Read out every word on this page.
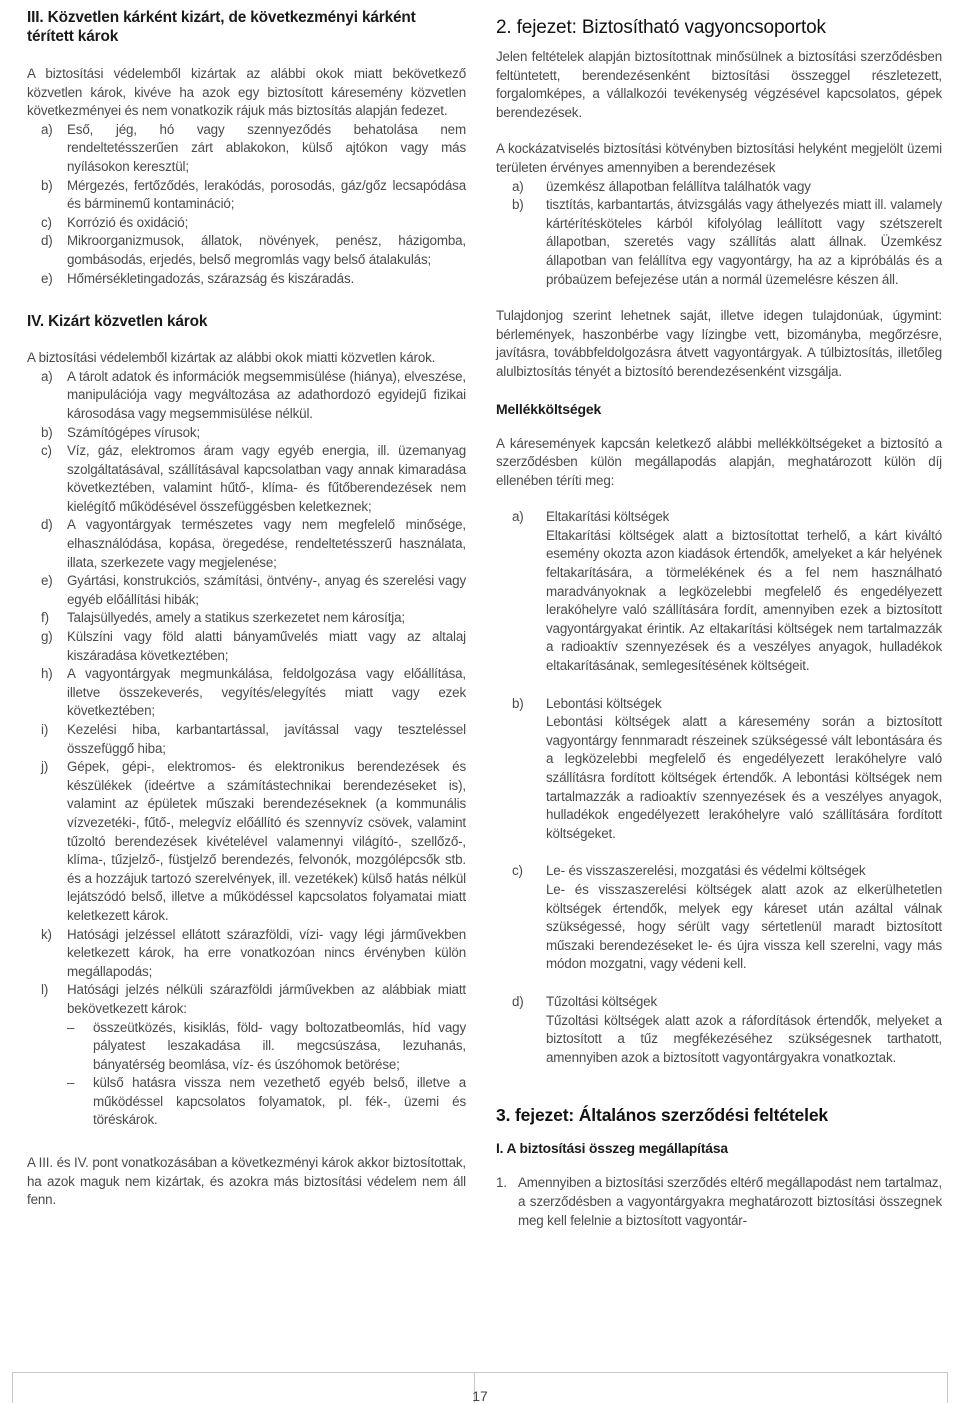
III. Közvetlen kárként kizárt, de következményi kárként térített károk

A biztosítási védelemből kizártak az alábbi okok miatt bekövetkező közvetlen károk, kivéve ha azok egy biztosított káresemény közvetlen következményei és nem vonatkozik rájuk más biztosítás alapján fedezet.

a)	Eső, jég, hó vagy szennyeződés behatolása nem rendeltetésszerűen zárt ablakokon, külső ajtókon vagy más nyílásokon keresztül;
b)	Mérgezés, fertőződés, lerakódás, porosodás, gáz/gőz lecsapódása és bárminemű kontamináció;
c)	Korrózió és oxidáció;
d)	Mikroorganizmusok, állatok, növények, penész, házigomba, gombásodás, erjedés, belső megromlás vagy belső átalakulás;
e)	Hőmérsékletingadozás, szárazság és kiszáradás.
IV. Kizárt közvetlen károk

A biztosítási védelemből kizártak az alábbi okok miatti közvetlen károk.

a)	A tárolt adatok és információk megsemmisülése (hiánya), elveszése, manipulációja vagy megváltozása az adathordozó egyidejű fizikai károsodása vagy megsemmisülése nélkül.
b)	Számítógépes vírusok;
c)	Víz, gáz, elektromos áram vagy egyéb energia, ill. üzemanyag szolgáltatásával, szállításával kapcsolatban vagy annak kimaradása következtében, valamint hűtő-, klíma- és fűtőberendezések nem kielégítő működésével összefüggésben keletkeznek;
d)	A vagyontárgyak természetes vagy nem megfelelő minősége, elhasználódása, kopása, öregedése, rendeltetésszerű használata, illata, szerkezete vagy megjelenése;
e)	Gyártási, konstrukciós, számítási, öntvény-, anyag és szerelési vagy egyéb előállítási hibák;
f)	Talajsüllyedés, amely a statikus szerkezetet nem károsítja;
g)	Külszíni vagy föld alatti bányaművelés miatt vagy az altalaj kiszáradása következtében;
h)	A vagyontárgyak megmunkálása, feldolgozása vagy előállítása, illetve összekeverés, vegyítés/elegyítés miatt vagy ezek következtében;
i)	Kezelési hiba, karbantartással, javítással vagy teszteléssel összefüggő hiba;
j)	Gépek, gépi-, elektromos- és elektronikus berendezések és készülékek (ideértve a számítástechnikai berendezéseket is), valamint az épületek műszaki berendezéseknek (a kommunális vízvezetéki-, fűtő-, melegvíz előállító és szennyvíz csövek, valamint tűzoltó berendezések kivételével valamennyi világító-, szellőző-, klíma-, tűzjelző-, füstjelző berendezés, felvonók, mozgólépcsők stb. és a hozzájuk tartozó szerelvények, ill. vezetékek) külső hatás nélkül lejátszódó belső, illetve a működéssel kapcsolatos folyamatai miatt keletkezett károk.
k)	Hatósági jelzéssel ellátott szárazföldi, vízi- vagy légi járművekben keletkezett károk, ha erre vonatkozóan nincs érvényben külön megállapodás;
l)	Hatósági jelzés nélküli szárazföldi járművekben az alábbiak miatt bekövetkezett károk:
–	összeütközés, kisiklás, föld- vagy boltozatbeomlás, híd vagy pályatest leszakadása ill. megcsúszása, lezuhanás, bányatérség beomlása, víz- és úszóhomok betörése;
–	külső hatásra vissza nem vezethető egyéb belső, illetve a működéssel kapcsolatos folyamatok, pl. fék-, üzemi és töréskárok.

A III. és IV. pont vonatkozásában a következményi károk akkor biztosítottak, ha azok maguk nem kizártak, és azokra más biztosítási védelem nem áll fenn.

2. fejezet: Biztosítható vagyoncsoportok

Jelen feltételek alapján biztosítottnak minősülnek a biztosítási szerződésben feltüntetett, berendezésenként biztosítási összeggel részletezett, forgalomképes, a vállalkozói tevékenység végzésével kapcsolatos, gépek berendezések.

A kockázatviselés biztosítási kötvényben biztosítási helyként megjelölt üzemi területen érvényes amennyiben a berendezések

a)	üzemkész állapotban felállítva találhatók vagy
b)	tisztítás, karbantartás, átvizsgálás vagy áthelyezés miatt ill. valamely kártérítésköteles kárból kifolyólag leállított vagy szétszerelt állapotban, szeretés vagy szállítás alatt állnak. Üzemkész állapotban van felállítva egy vagyontárgy, ha az a kipróbálás és a próbaüzem befejezése után a normál üzemelésre készen áll.

Tulajdonjog szerint lehetnek saját, illetve idegen tulajdonúak, úgymint: bérlemények, haszonbérbe vagy lízingbe vett, bizományba, megőrzésre, javításra, továbbfeldolgozásra átvett vagyontárgyak. A túlbiztosítás, illetőleg alulbiztosítás tényét a biztosító berendezésenként vizsgálja.

Mellékköltségek

A káresemények kapcsán keletkező alábbi mellékköltségeket a biztosító a szerződésben külön megállapodás alapján, meghatározott külön díj ellenében téríti meg:

a)	Eltakarítási költségek

Eltakarítási költségek alatt a biztosítottat terhelő, a kárt kiváltó esemény okozta azon kiadások értendők, amelyeket a kár helyének feltakarítására, a törmelékének és a fel nem használható maradványoknak a legközelebbi megfelelő és engedélyezett lerakóhelyre való szállítására fordít, amennyiben ezek a biztosított vagyontárgyakat érintik. Az eltakarítási költségek nem tartalmazzák a radioaktív szennyezések és a veszélyes anyagok, hulladékok eltakarításának, semlegesítésének költségeit.

b)	Lebontási költségek

Lebontási költségek alatt a káresemény során a biztosított vagyontárgy fennmaradt részeinek szükségessé vált lebontására és a legközelebbi megfelelő és engedélyezett lerakóhelyre való szállításra fordított költségek értendők. A lebontási költségek nem tartalmazzák a radioaktív szennyezések és a veszélyes anyagok, hulladékok engedélyezett lerakóhelyre való szállítására fordított költségeket.

c)	Le- és visszaszerelési, mozgatási és védelmi költségek

Le- és visszaszerelési költségek alatt azok az elkerülhetetlen költségek értendők, melyek egy káreset után azáltal válnak szükségessé, hogy sérült vagy sértetlenül maradt biztosított műszaki berendezéseket le- és újra vissza kell szerelni, vagy más módon mozgatni, vagy védeni kell.

d)	Tűzoltási költségek

Tűzoltási költségek alatt azok a ráfordítások értendők, melyeket a biztosított a tűz megfékezéséhez szükségesnek tarthatott, amennyiben azok a biztosított vagyontárgyakra vonatkoztak.

3. fejezet: Általános szerződési feltételek
I. A biztosítási összeg megállapítása
1. Amennyiben a biztosítási szerződés eltérő megállapodást nem tartalmaz, a szerződésben a vagyontárgyakra meghatározott biztosítási összegnek meg kell felelnie a biztosított vagyontár-
17
